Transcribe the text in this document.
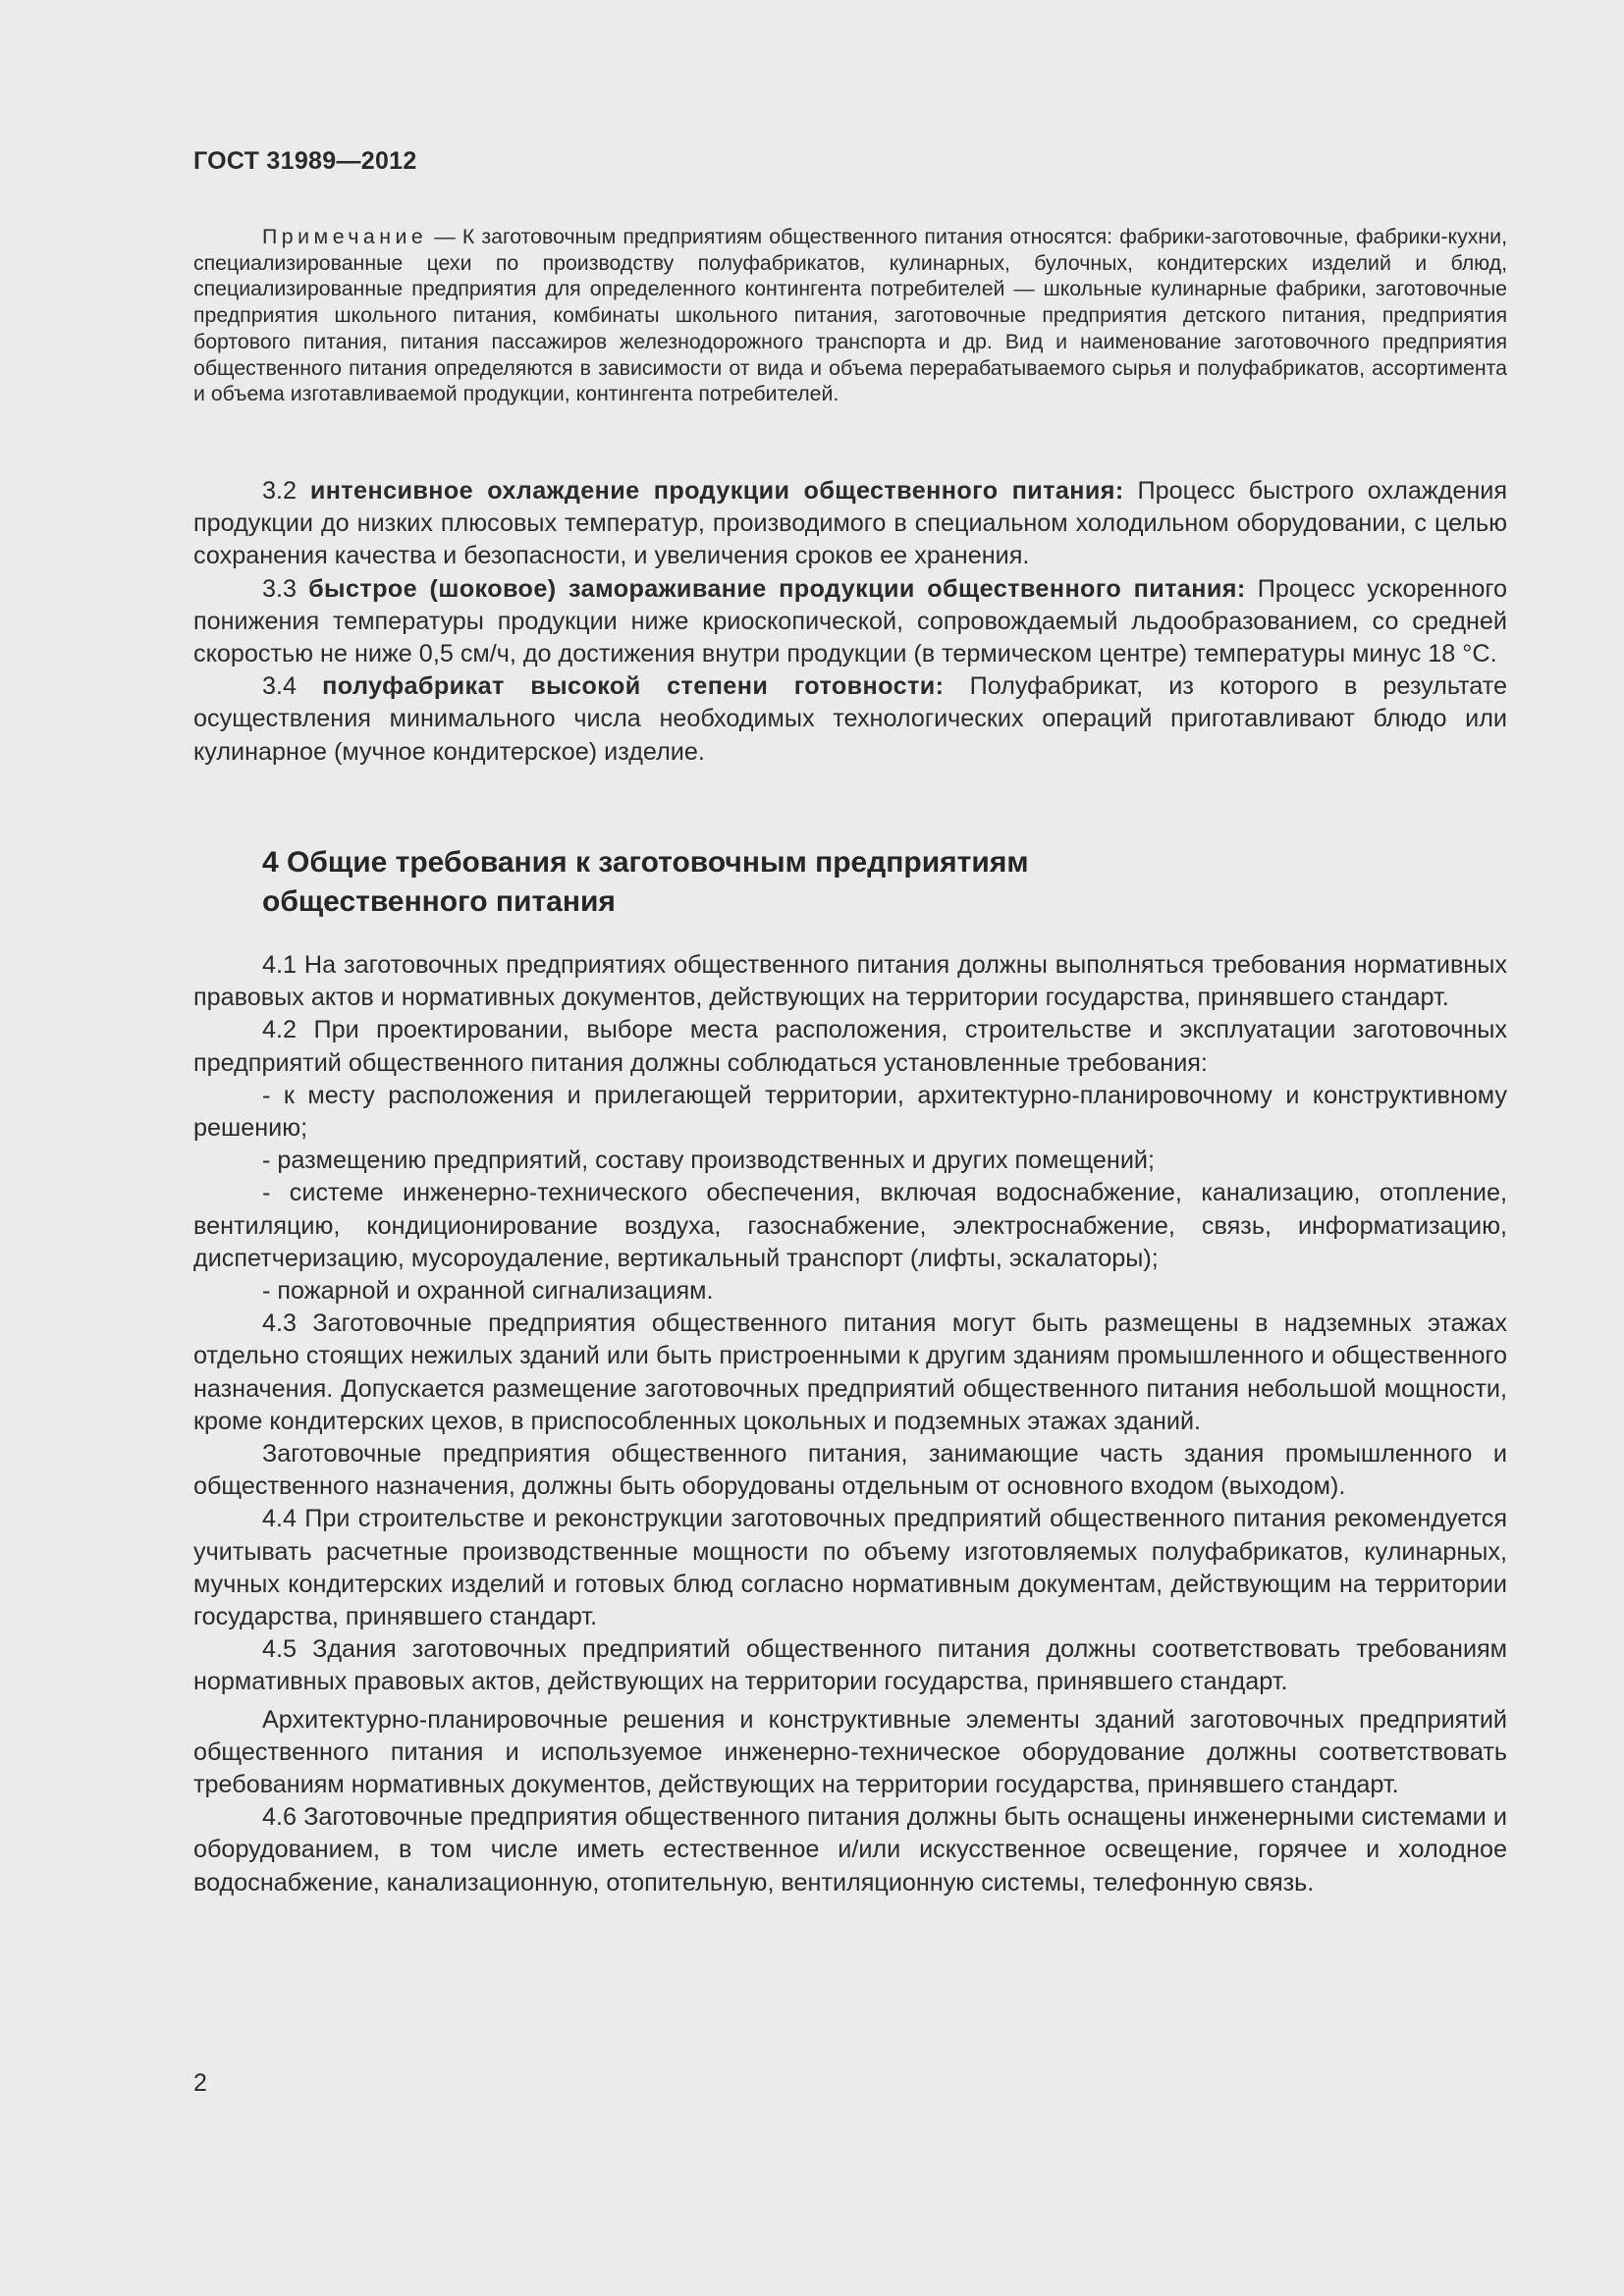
ГОСТ 31989—2012

Примечание — К заготовочным предприятиям общественного питания относятся: фабрики-заготовочные, фабрики-кухни, специализированные цехи по производству полуфабрикатов, кулинарных, булочных, кондитерских изделий и блюд, специализированные предприятия для определенного контингента потребителей — школьные кулинарные фабрики, заготовочные предприятия школьного питания, комбинаты школьного питания, заготовочные предприятия детского питания, предприятия бортового питания, питания пассажиров железнодорожного транспорта и др. Вид и наименование заготовочного предприятия общественного питания определяются в зависимости от вида и объема перерабатываемого сырья и полуфабрикатов, ассортимента и объема изготавливаемой продукции, контингента потребителей.

3.2 интенсивное охлаждение продукции общественного питания: Процесс быстрого охлаждения продукции до низких плюсовых температур, производимого в специальном холодильном оборудовании, с целью сохранения качества и безопасности, и увеличения сроков ее хранения.

3.3 быстрое (шоковое) замораживание продукции общественного питания: Процесс ускоренного понижения температуры продукции ниже криоскопической, сопровождаемый льдообразованием, со средней скоростью не ниже 0,5 см/ч, до достижения внутри продукции (в термическом центре) температуры минус 18 °С.

3.4 полуфабрикат высокой степени готовности: Полуфабрикат, из которого в результате осуществления минимального числа необходимых технологических операций приготавливают блюдо или кулинарное (мучное кондитерское) изделие.

4 Общие требования к заготовочным предприятиям
общественного питания

4.1 На заготовочных предприятиях общественного питания должны выполняться требования нормативных правовых актов и нормативных документов, действующих на территории государства, принявшего стандарт.

4.2 При проектировании, выборе места расположения, строительстве и эксплуатации заготовочных предприятий общественного питания должны соблюдаться установленные требования:

- к месту расположения и прилегающей территории, архитектурно-планировочному и конструктивному решению;

- размещению предприятий, составу производственных и других помещений;

- системе инженерно-технического обеспечения, включая водоснабжение, канализацию, отопление, вентиляцию, кондиционирование воздуха, газоснабжение, электроснабжение, связь, информатизацию, диспетчеризацию, мусороудаление, вертикальный транспорт (лифты, эскалаторы);

- пожарной и охранной сигнализациям.

4.3 Заготовочные предприятия общественного питания могут быть размещены в надземных этажах отдельно стоящих нежилых зданий или быть пристроенными к другим зданиям промышленного и общественного назначения. Допускается размещение заготовочных предприятий общественного питания небольшой мощности, кроме кондитерских цехов, в приспособленных цокольных и подземных этажах зданий.

Заготовочные предприятия общественного питания, занимающие часть здания промышленного и общественного назначения, должны быть оборудованы отдельным от основного входом (выходом).

4.4 При строительстве и реконструкции заготовочных предприятий общественного питания рекомендуется учитывать расчетные производственные мощности по объему изготовляемых полуфабрикатов, кулинарных, мучных кондитерских изделий и готовых блюд согласно нормативным документам, действующим на территории государства, принявшего стандарт.

4.5 Здания заготовочных предприятий общественного питания должны соответствовать требованиям нормативных правовых актов, действующих на территории государства, принявшего стандарт.

Архитектурно-планировочные решения и конструктивные элементы зданий заготовочных предприятий общественного питания и используемое инженерно-техническое оборудование должны соответствовать требованиям нормативных документов, действующих на территории государства, принявшего стандарт.

4.6 Заготовочные предприятия общественного питания должны быть оснащены инженерными системами и оборудованием, в том числе иметь естественное и/или искусственное освещение, горячее и холодное водоснабжение, канализационную, отопительную, вентиляционную системы, телефонную связь.

2
